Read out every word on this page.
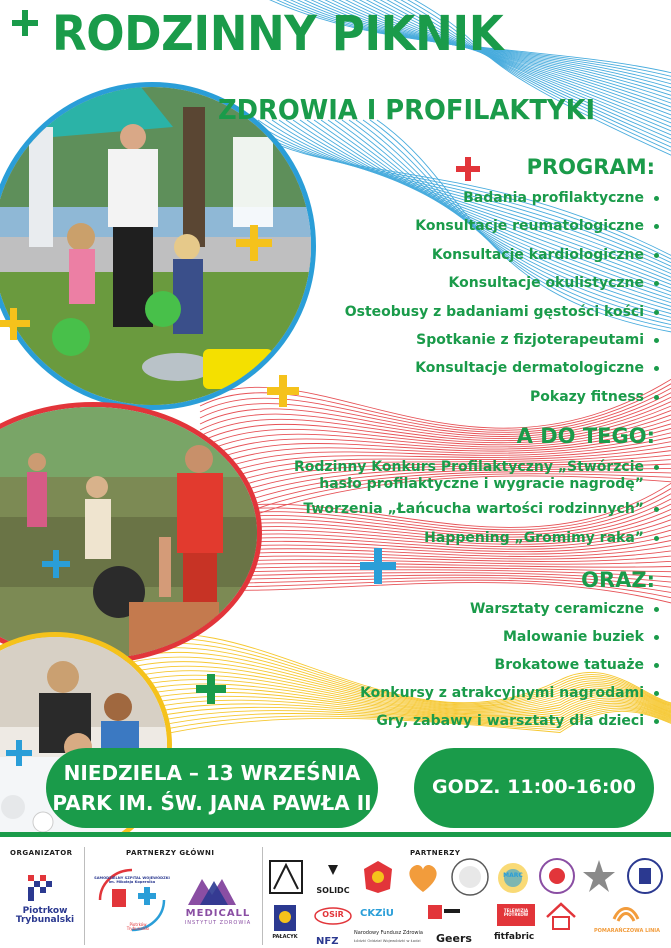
RODZINNY PIKNIK
ZDROWIA I PROFILAKTYKI
PROGRAM:
Badania profilaktyczne
Konsultacje reumatologiczne
Konsultacje kardiologiczne
Konsultacje okulistyczne
Osteobusy z badaniami gęstości kości
Spotkanie z fizjoterapeutami
Konsultacje dermatologiczne
Pokazy fitness
A DO TEGO:
Rodzinny Konkurs Profilaktyczny „Stwórzcie
hasło profilaktyczne i wygracie nagrodę”
Tworzenia „Łańcucha wartości rodzinnych”
Happening „Gromimy raka”
ORAZ:
Warsztaty ceramiczne
Malowanie buziek
Brokatowe tatuaże
Konkursy z atrakcyjnymi nagrodami
Gry, zabawy i warsztaty dla dzieci
NIEDZIELA – 13 WRZEŚNIA
PARK IM. ŚW. JANA PAWŁA II
GODZ. 11:00-16:00
ORGANIZATOR	PARTNERZY GŁÓWNI	PARTNERZY
Piotrkow
Trybunalski
SAMODZIELNY SZPITAL WOJEWÓDZKI
im. Mikołaja Kopernika
Piotrków Trybunalski
MEDICALL
INSTYTUT ZDROWIA
SOLIDC
MARC
PAŁACYK
OSiR	CKZiU
NFZ
Narodowy Fundusz Zdrowia
Łódzki Oddział Wojewódzki w Łodzi	Geers	fitfabric
TELEWIZJA PIOTRKÓW
POMARAŃCZOWA LINIA
